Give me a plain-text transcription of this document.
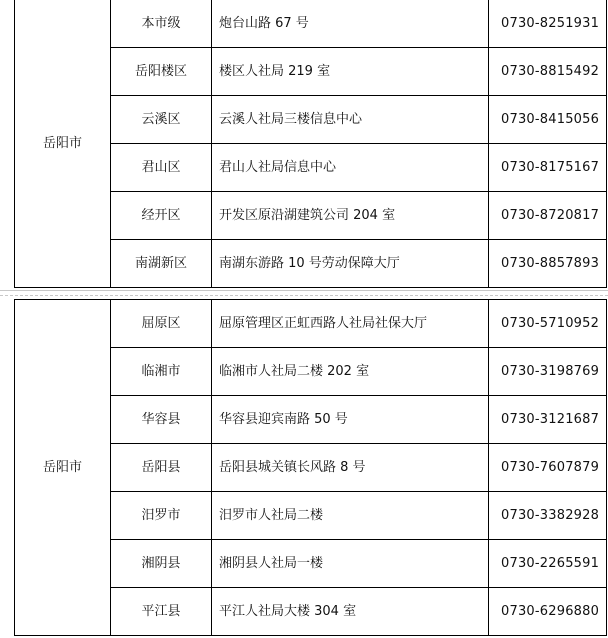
岳阳市	本市级	炮台山路 67 号	0730-8251931
	岳阳楼区	楼区人社局 219 室	0730-8815492
	云溪区	云溪人社局三楼信息中心	0730-8415056
	君山区	君山人社局信息中心	0730-8175167
	经开区	开发区原沿湖建筑公司 204 室	0730-8720817
	南湖新区	南湖东游路 10 号劳动保障大厅	0730-8857893
岳阳市	屈原区	屈原管理区正虹西路人社局社保大厅	0730-5710952
	临湘市	临湘市人社局二楼 202 室	0730-3198769
	华容县	华容县迎宾南路 50 号	0730-3121687
	岳阳县	岳阳县城关镇长风路 8 号	0730-7607879
	汨罗市	汨罗市人社局二楼	0730-3382928
	湘阴县	湘阴县人社局一楼	0730-2265591
	平江县	平江人社局大楼 304 室	0730-6296880
